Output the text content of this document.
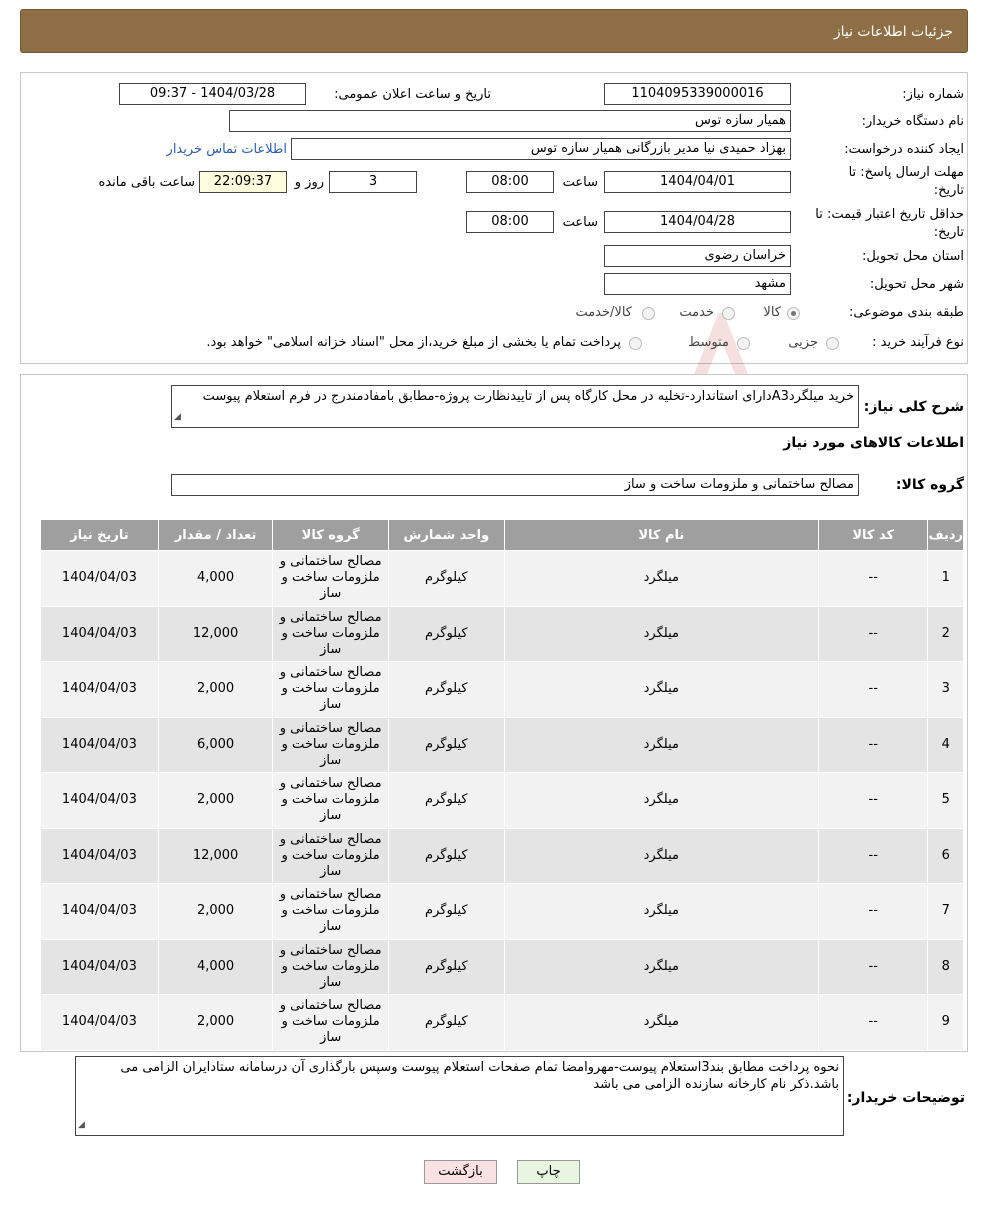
جزئیات اطلاعات نیاز
شماره نیاز:
1104095339000016
تاریخ و ساعت اعلان عمومی:
1404/03/28 - 09:37
نام دستگاه خریدار:
همیار سازه توس
ایجاد کننده درخواست:
بهزاد حمیدی نیا مدیر بازرگانی همیار سازه توس
اطلاعات تماس خریدار
مهلت ارسال پاسخ: تا
تاریخ:
1404/04/01
ساعت
08:00
3
روز و
22:09:37
ساعت باقی مانده
حداقل تاریخ اعتبار قیمت: تا
تاریخ:
1404/04/28
ساعت
08:00
استان محل تحویل:
خراسان رضوی
شهر محل تحویل:
مشهد
طبقه بندی موضوعی:
کالا
خدمت
کالا/خدمت
نوع فرآیند خرید :
جزیی
متوسط
پرداخت تمام یا بخشی از مبلغ خرید،از محل "اسناد خزانه اسلامی" خواهد بود.
شرح کلی نیاز:
خرید میلگردA3دارای استاندارد-تخلیه در محل کارگاه پس از تاییدنظارت پروژه-مطابق بامفادمندرج در فرم استعلام پیوست
◢
اطلاعات کالاهای مورد نیاز
گروه کالا:
مصالح ساختمانی و ملزومات ساخت و ساز
ردیف	کد کالا	نام کالا	واحد شمارش	گروه کالا	تعداد / مقدار	تاریخ نیاز
1	--	میلگرد	کیلوگرم	مصالح ساختمانی و ملزومات ساخت و ساز	4,000	1404/04/03
2	--	میلگرد	کیلوگرم	مصالح ساختمانی و ملزومات ساخت و ساز	12,000	1404/04/03
3	--	میلگرد	کیلوگرم	مصالح ساختمانی و ملزومات ساخت و ساز	2,000	1404/04/03
4	--	میلگرد	کیلوگرم	مصالح ساختمانی و ملزومات ساخت و ساز	6,000	1404/04/03
5	--	میلگرد	کیلوگرم	مصالح ساختمانی و ملزومات ساخت و ساز	2,000	1404/04/03
6	--	میلگرد	کیلوگرم	مصالح ساختمانی و ملزومات ساخت و ساز	12,000	1404/04/03
7	--	میلگرد	کیلوگرم	مصالح ساختمانی و ملزومات ساخت و ساز	2,000	1404/04/03
8	--	میلگرد	کیلوگرم	مصالح ساختمانی و ملزومات ساخت و ساز	4,000	1404/04/03
9	--	میلگرد	کیلوگرم	مصالح ساختمانی و ملزومات ساخت و ساز	2,000	1404/04/03
توضیحات خریدار:
نحوه پرداخت مطابق بند3استعلام پیوست-مهروامضا تمام صفحات استعلام پیوست وسپس بارگذاری آن درسامانه ستادایران الزامی می باشد.ذکر نام کارخانه سازنده الزامی می باشد
◢
چاپ
بازگشت
